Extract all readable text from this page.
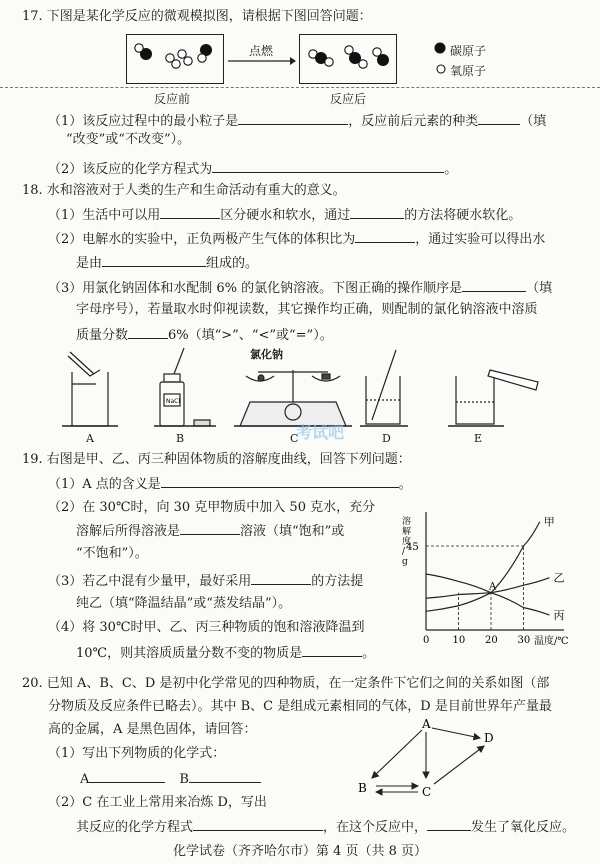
17. 下图是某化学反应的微观模拟图，请根据下图回答问题：
点燃	碳原子
氧原子
反应前	反应后
（1）该反应过程中的最小粒子是	，反应前后元素的种类	（填
“改变”或“不改变”）。
（2）该反应的化学方程式为	。
18. 水和溶液对于人类的生产和生命活动有重大的意义。
（1）生活中可以用	区分硬水和软水，通过	的方法将硬水软化。
（2）电解水的实验中，正负两极产生气体的体积比为	，通过实验可以得出水
是由	组成的。
（3）用氯化钠固体和水配制 6% 的氯化钠溶液。下图正确的操作顺序是	（填
字母序号），若量取水时仰视读数，其它操作均正确，则配制的氯化钠溶液中溶质
质量分数	6%（填“>”、“<”或“=”）。
NaCl
氯化钠
A	B	C	D	E
考试吧
19. 右图是甲、乙、丙三种固体物质的溶解度曲线，回答下列问题：
（1）A 点的含义是	。
（2）在 30℃时，向 30 克甲物质中加入 50 克水，充分
溶解后所得溶液是	溶液（填“饱和”或
“不饱和”）。
（3）若乙中混有少量甲，最好采用	的方法提
纯乙（填“降温结晶”或“蒸发结晶”）。
（4）将 30℃时甲、乙、丙三种物质的饱和溶液降温到
10℃，则其溶质质量分数不变的物质是	。
溶
解
度
/
g
温度/℃
0 10 20 30
45
甲
乙
丙
A
20. 已知 A、B、C、D 是初中化学常见的四种物质，在一定条件下它们之间的关系如图（部
分物质及反应条件已略去）。其中 B、C 是组成元素相同的气体，D 是目前世界年产量最
高的金属，A 是黑色固体，请回答：
（1）写出下列物质的化学式：
A	B
（2）C 在工业上常用来冶炼 D，写出
其反应的化学方程式	，在这个反应中，	发生了氧化反应。
A
D
B	C
化学试卷（齐齐哈尔市）第 4 页（共 8 页）
